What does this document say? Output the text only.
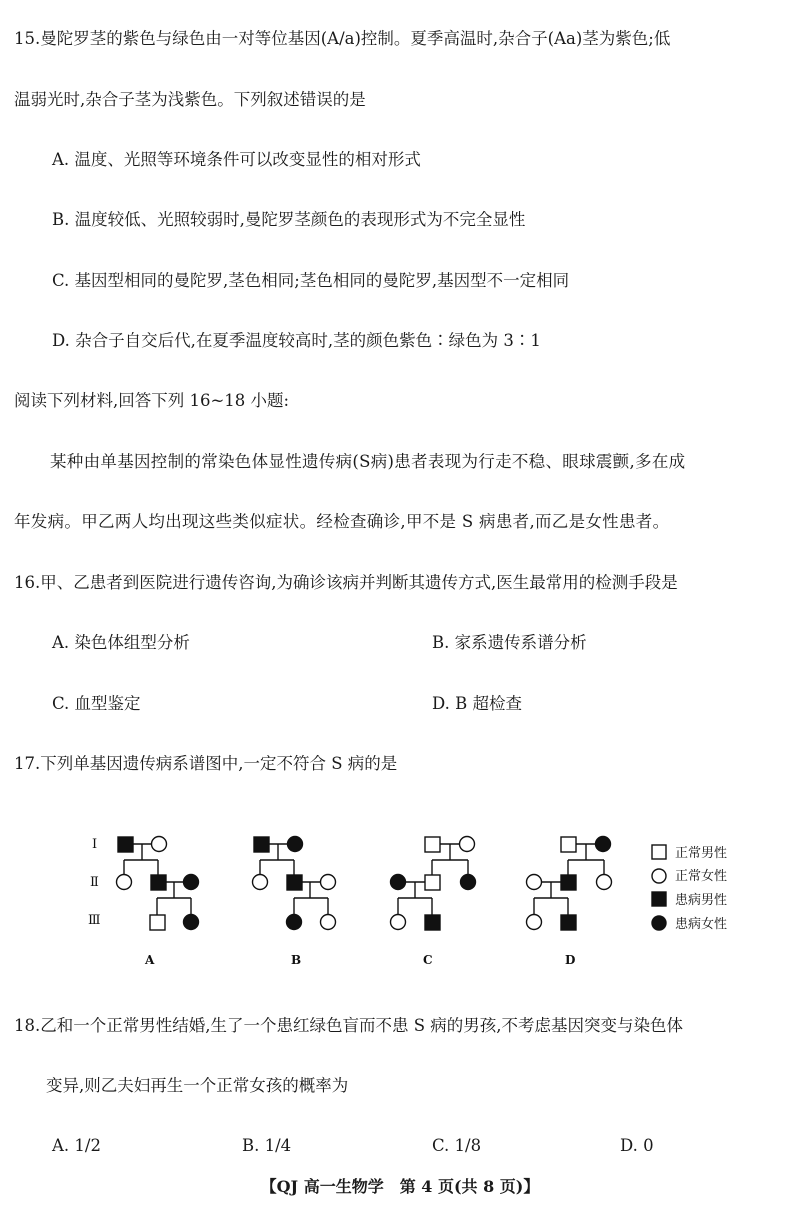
15.曼陀罗茎的紫色与绿色由一对等位基因(A/a)控制。夏季高温时,杂合子(Aa)茎为紫色;低
温弱光时,杂合子茎为浅紫色。下列叙述错误的是
A. 温度、光照等环境条件可以改变显性的相对形式
B. 温度较低、光照较弱时,曼陀罗茎颜色的表现形式为不完全显性
C. 基因型相同的曼陀罗,茎色相同;茎色相同的曼陀罗,基因型不一定相同
D. 杂合子自交后代,在夏季温度较高时,茎的颜色紫色∶绿色为 3∶1
阅读下列材料,回答下列 16~18 小题:
某种由单基因控制的常染色体显性遗传病(S病)患者表现为行走不稳、眼球震颤,多在成
年发病。甲乙两人均出现这些类似症状。经检查确诊,甲不是 S 病患者,而乙是女性患者。
16.甲、乙患者到医院进行遗传咨询,为确诊该病并判断其遗传方式,医生最常用的检测手段是
A. 染色体组型分析	B. 家系遗传系谱分析
C. 血型鉴定	D. B 超检查
17.下列单基因遗传病系谱图中,一定不符合 S 病的是
Ⅰ
Ⅱ
Ⅲ
A	B	C	D
正常男性
正常女性
患病男性
患病女性
18.乙和一个正常男性结婚,生了一个患红绿色盲而不患 S 病的男孩,不考虑基因突变与染色体
变异,则乙夫妇再生一个正常女孩的概率为
A. 1/2	B. 1/4	C. 1/8	D. 0
【QJ 高一生物学　第 4 页(共 8 页)】
